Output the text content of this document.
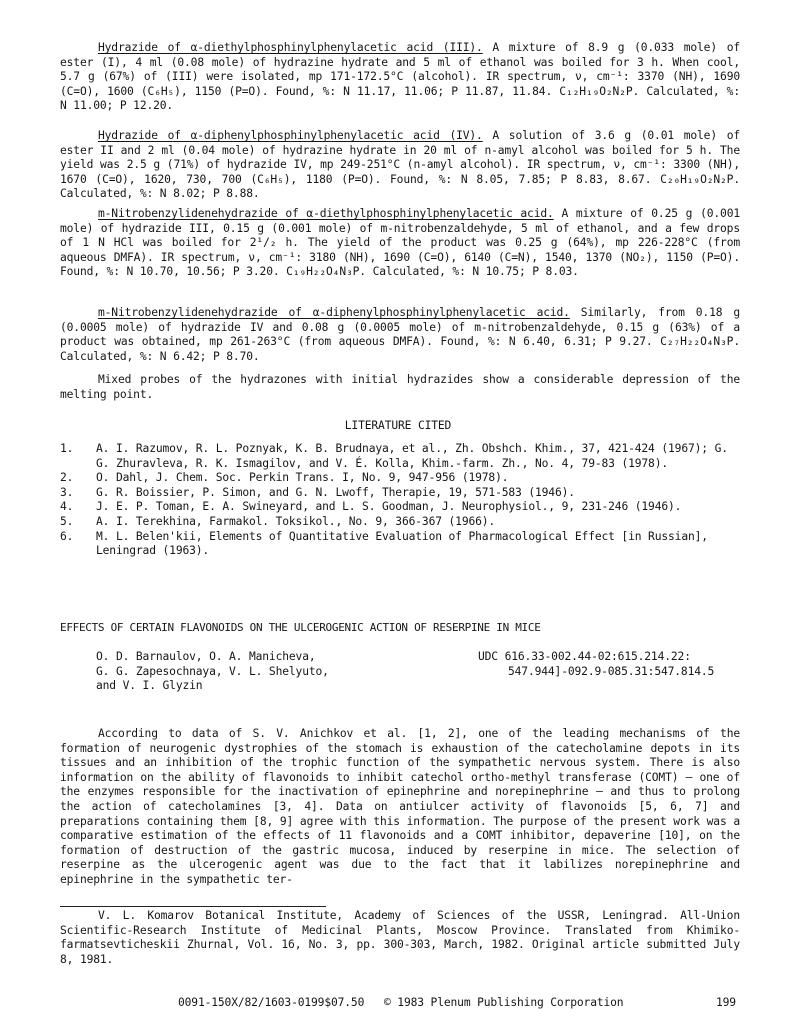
Hydrazide of α-diethylphosphinylphenylacetic acid (III). A mixture of 8.9 g (0.033 mole) of ester (I), 4 ml (0.08 mole) of hydrazine hydrate and 5 ml of ethanol was boiled for 3 h. When cool, 5.7 g (67%) of (III) were isolated, mp 171-172.5°C (alcohol). IR spectrum, ν, cm⁻¹: 3370 (NH), 1690 (C=O), 1600 (C₆H₅), 1150 (P=O). Found, %: N 11.17, 11.06; P 11.87, 11.84. C₁₂H₁₉O₂N₂P. Calculated, %: N 11.00; P 12.20.

Hydrazide of α-diphenylphosphinylphenylacetic acid (IV). A solution of 3.6 g (0.01 mole) of ester II and 2 ml (0.04 mole) of hydrazine hydrate in 20 ml of n-amyl alcohol was boiled for 5 h. The yield was 2.5 g (71%) of hydrazide IV, mp 249-251°C (n-amyl alcohol). IR spectrum, ν, cm⁻¹: 3300 (NH), 1670 (C=O), 1620, 730, 700 (C₆H₅), 1180 (P=O). Found, %: N 8.05, 7.85; P 8.83, 8.67. C₂₀H₁₉O₂N₂P. Calculated, %: N 8.02; P 8.88.

m-Nitrobenzylidenehydrazide of α-diethylphosphinylphenylacetic acid. A mixture of 0.25 g (0.001 mole) of hydrazide III, 0.15 g (0.001 mole) of m-nitrobenzaldehyde, 5 ml of ethanol, and a few drops of 1 N HCl was boiled for 2¹/₂ h. The yield of the product was 0.25 g (64%), mp 226-228°C (from aqueous DMFA). IR spectrum, ν, cm⁻¹: 3180 (NH), 1690 (C=O), 6140 (C=N), 1540, 1370 (NO₂), 1150 (P=O). Found, %: N 10.70, 10.56; P 3.20. C₁₉H₂₂O₄N₃P. Calculated, %: N 10.75; P 8.03.

m-Nitrobenzylidenehydrazide of α-diphenylphosphinylphenylacetic acid. Similarly, from 0.18 g (0.0005 mole) of hydrazide IV and 0.08 g (0.0005 mole) of m-nitrobenzaldehyde, 0.15 g (63%) of a product was obtained, mp 261-263°C (from aqueous DMFA). Found, %: N 6.40, 6.31; P 9.27. C₂₇H₂₂O₄N₃P. Calculated, %: N 6.42; P 8.70.

Mixed probes of the hydrazones with initial hydrazides show a considerable depression of the melting point.

LITERATURE CITED

1. A. I. Razumov, R. L. Poznyak, K. B. Brudnaya, et al., Zh. Obshch. Khim., 37, 421-424 (1967); G. G. Zhuravleva, R. K. Ismagilov, and V. É. Kolla, Khim.-farm. Zh., No. 4, 79-83 (1978).
2. O. Dahl, J. Chem. Soc. Perkin Trans. I, No. 9, 947-956 (1978).
3. G. R. Boissier, P. Simon, and G. N. Lwoff, Therapie, 19, 571-583 (1946).
4. J. E. P. Toman, E. A. Swineyard, and L. S. Goodman, J. Neurophysiol., 9, 231-246 (1946).
5. A. I. Terekhina, Farmakol. Toksikol., No. 9, 366-367 (1966).
6. M. L. Belen'kii, Elements of Quantitative Evaluation of Pharmacological Effect [in Russian], Leningrad (1963).

EFFECTS OF CERTAIN FLAVONOIDS ON THE ULCEROGENIC ACTION OF RESERPINE IN MICE

O. D. Barnaulov, O. A. Manicheva,
G. G. Zapesochnaya, V. L. Shelyuto,
and V. I. Glyzin

UDC 616.33-002.44-02:615.214.22:
547.944]-092.9-085.31:547.814.5

According to data of S. V. Anichkov et al. [1, 2], one of the leading mechanisms of the formation of neurogenic dystrophies of the stomach is exhaustion of the catecholamine depots in its tissues and an inhibition of the trophic function of the sympathetic nervous system. There is also information on the ability of flavonoids to inhibit catechol ortho-methyl transferase (COMT) — one of the enzymes responsible for the inactivation of epinephrine and norepinephrine — and thus to prolong the action of catecholamines [3, 4]. Data on antiulcer activity of flavonoids [5, 6, 7] and preparations containing them [8, 9] agree with this information. The purpose of the present work was a comparative estimation of the effects of 11 flavonoids and a COMT inhibitor, depaverine [10], on the formation of destruction of the gastric mucosa, induced by reserpine in mice. The selection of reserpine as the ulcerogenic agent was due to the fact that it labilizes norepinephrine and epinephrine in the sympathetic ter-

V. L. Komarov Botanical Institute, Academy of Sciences of the USSR, Leningrad. All-Union Scientific-Research Institute of Medicinal Plants, Moscow Province. Translated from Khimiko-farmatsevticheskii Zhurnal, Vol. 16, No. 3, pp. 300-303, March, 1982. Original article submitted July 8, 1981.

0091-150X/82/1603-0199$07.50 © 1983 Plenum Publishing Corporation	199
